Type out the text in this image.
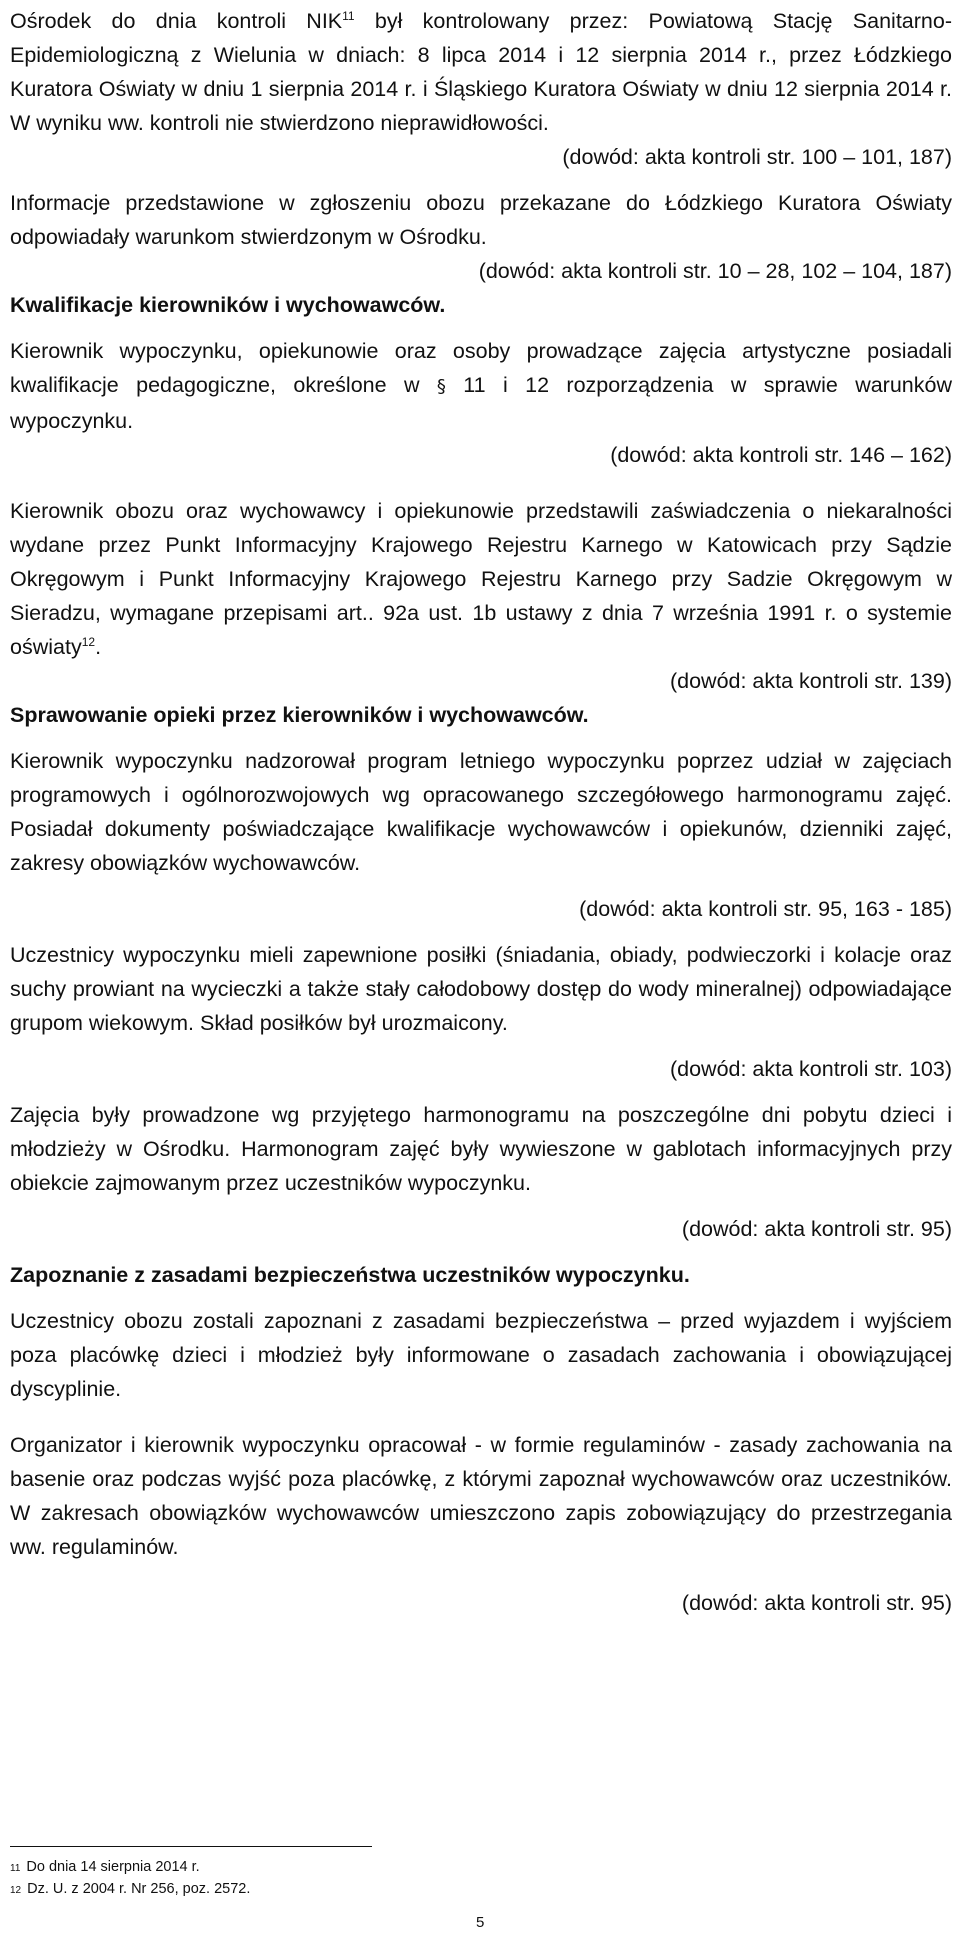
Ośrodek do dnia kontroli NIK$^{11}$ był kontrolowany przez: Powiatową Stację Sanitarno-Epidemiologiczną z Wielunia w dniach: 8 lipca 2014 i 12 sierpnia 2014 r., przez Łódzkiego Kuratora Oświaty w dniu 1 sierpnia 2014 r. i Śląskiego Kuratora Oświaty w dniu 12 sierpnia 2014 r. W wyniku ww. kontroli nie stwierdzono nieprawidłowości.

(dowód: akta kontroli str. 100 – 101, 187)

Informacje przedstawione w zgłoszeniu obozu przekazane do Łódzkiego Kuratora Oświaty odpowiadały warunkom stwierdzonym w Ośrodku.

(dowód: akta kontroli str. 10 – 28, 102 – 104, 187)

Kwalifikacje kierowników i wychowawców.

Kierownik wypoczynku, opiekunowie oraz osoby prowadzące zajęcia artystyczne posiadali kwalifikacje pedagogiczne, określone w § 11 i 12 rozporządzenia w sprawie warunków wypoczynku.

(dowód: akta kontroli str. 146 – 162)

Kierownik obozu oraz wychowawcy i opiekunowie przedstawili zaświadczenia o niekaralności wydane przez Punkt Informacyjny Krajowego Rejestru Karnego w Katowicach przy Sądzie Okręgowym i Punkt Informacyjny Krajowego Rejestru Karnego przy Sadzie Okręgowym w Sieradzu, wymagane przepisami art.. 92a ust. 1b ustawy z dnia 7 września 1991 r. o systemie oświaty$^{12}$.

(dowód: akta kontroli str. 139)

Sprawowanie opieki przez kierowników i wychowawców.

Kierownik wypoczynku nadzorował program letniego wypoczynku poprzez udział w zajęciach programowych i ogólnorozwojowych wg opracowanego szczegółowego harmonogramu zajęć. Posiadał dokumenty poświadczające kwalifikacje wychowawców i opiekunów, dzienniki zajęć, zakresy obowiązków wychowawców.

(dowód: akta kontroli str. 95, 163 - 185)

Uczestnicy wypoczynku mieli zapewnione posiłki (śniadania, obiady, podwieczorki i kolacje oraz suchy prowiant na wycieczki a także stały całodobowy dostęp do wody mineralnej) odpowiadające grupom wiekowym. Skład posiłków był urozmaicony.

(dowód: akta kontroli str. 103)

Zajęcia były prowadzone wg przyjętego harmonogramu na poszczególne dni pobytu dzieci i młodzieży w Ośrodku. Harmonogram zajęć były wywieszone w gablotach informacyjnych przy obiekcie zajmowanym przez uczestników wypoczynku.

(dowód: akta kontroli str. 95)

Zapoznanie z zasadami bezpieczeństwa uczestników wypoczynku.

Uczestnicy obozu zostali zapoznani z zasadami bezpieczeństwa – przed wyjazdem i wyjściem poza placówkę dzieci i młodzież były informowane o zasadach zachowania i obowiązującej dyscyplinie.

Organizator i kierownik wypoczynku opracował - w formie regulaminów - zasady zachowania na basenie oraz podczas wyjść poza placówkę, z którymi zapoznał wychowawców oraz uczestników. W zakresach obowiązków wychowawców umieszczono zapis zobowiązujący do przestrzegania ww. regulaminów.

(dowód: akta kontroli str. 95)

11 Do dnia 14 sierpnia 2014 r.
12 Dz. U. z 2004 r. Nr 256, poz. 2572.
5
